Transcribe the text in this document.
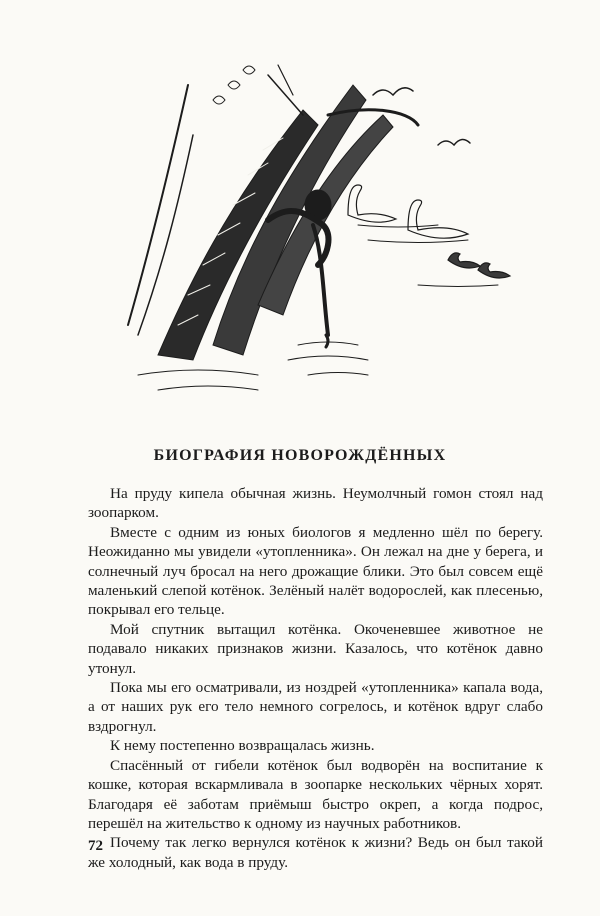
БИОГРАФИЯ НОВОРОЖДЁННЫХ

На пруду кипела обычная жизнь. Неумолчный гомон стоял над зоопарком.

Вместе с одним из юных биологов я медленно шёл по берегу. Неожиданно мы увидели «утопленника». Он лежал на дне у берега, и солнечный луч бросал на него дрожащие блики. Это был совсем ещё маленький слепой котёнок. Зелёный налёт водорослей, как плесенью, покрывал его тельце.

Мой спутник вытащил котёнка. Окоченевшее животное не подавало никаких признаков жизни. Казалось, что котёнок давно утонул.

Пока мы его осматривали, из ноздрей «утопленника» капала вода, а от наших рук его тело немного согрелось, и котёнок вдруг слабо вздрогнул.

К нему постепенно возвращалась жизнь.

Спасённый от гибели котёнок был водворён на воспитание к кошке, которая вскармливала в зоопарке нескольких чёрных хорят. Благодаря её заботам приёмыш быстро окреп, а когда подрос, перешёл на жительство к одному из научных работников.

Почему так легко вернулся котёнок к жизни? Ведь он был такой же холодный, как вода в пруду.

72
